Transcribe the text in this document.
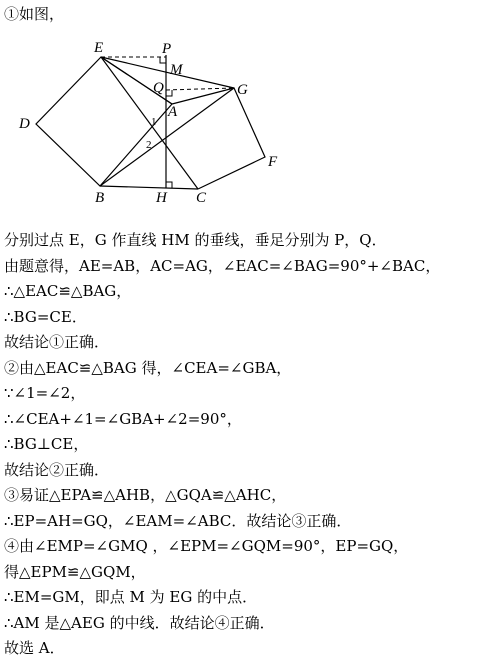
①如图，
E	P
M
Q
A
G
D	1
2
F
B	H C
分别过点 E，G 作直线 HM 的垂线，垂足分别为 P，Q．
由题意得，AE=AB，AC=AG，∠EAC=∠BAG=90°+∠BAC，
∴△EAC≌△BAG，
∴BG=CE．
故结论①正确．
②由△EAC≌△BAG 得，∠CEA=∠GBA，
∵∠1=∠2，
∴∠CEA+∠1=∠GBA+∠2=90°，
∴BG⊥CE，
故结论②正确．
③易证△EPA≌△AHB，△GQA≌△AHC，
∴EP=AH=GQ，∠EAM=∠ABC．故结论③正确．
④由∠EMP=∠GMQ ，∠EPM=∠GQM=90°，EP=GQ，
得△EPM≌△GQM，
∴EM=GM，即点 M 为 EG 的中点．
∴AM 是△AEG 的中线．故结论④正确．
故选 A．
